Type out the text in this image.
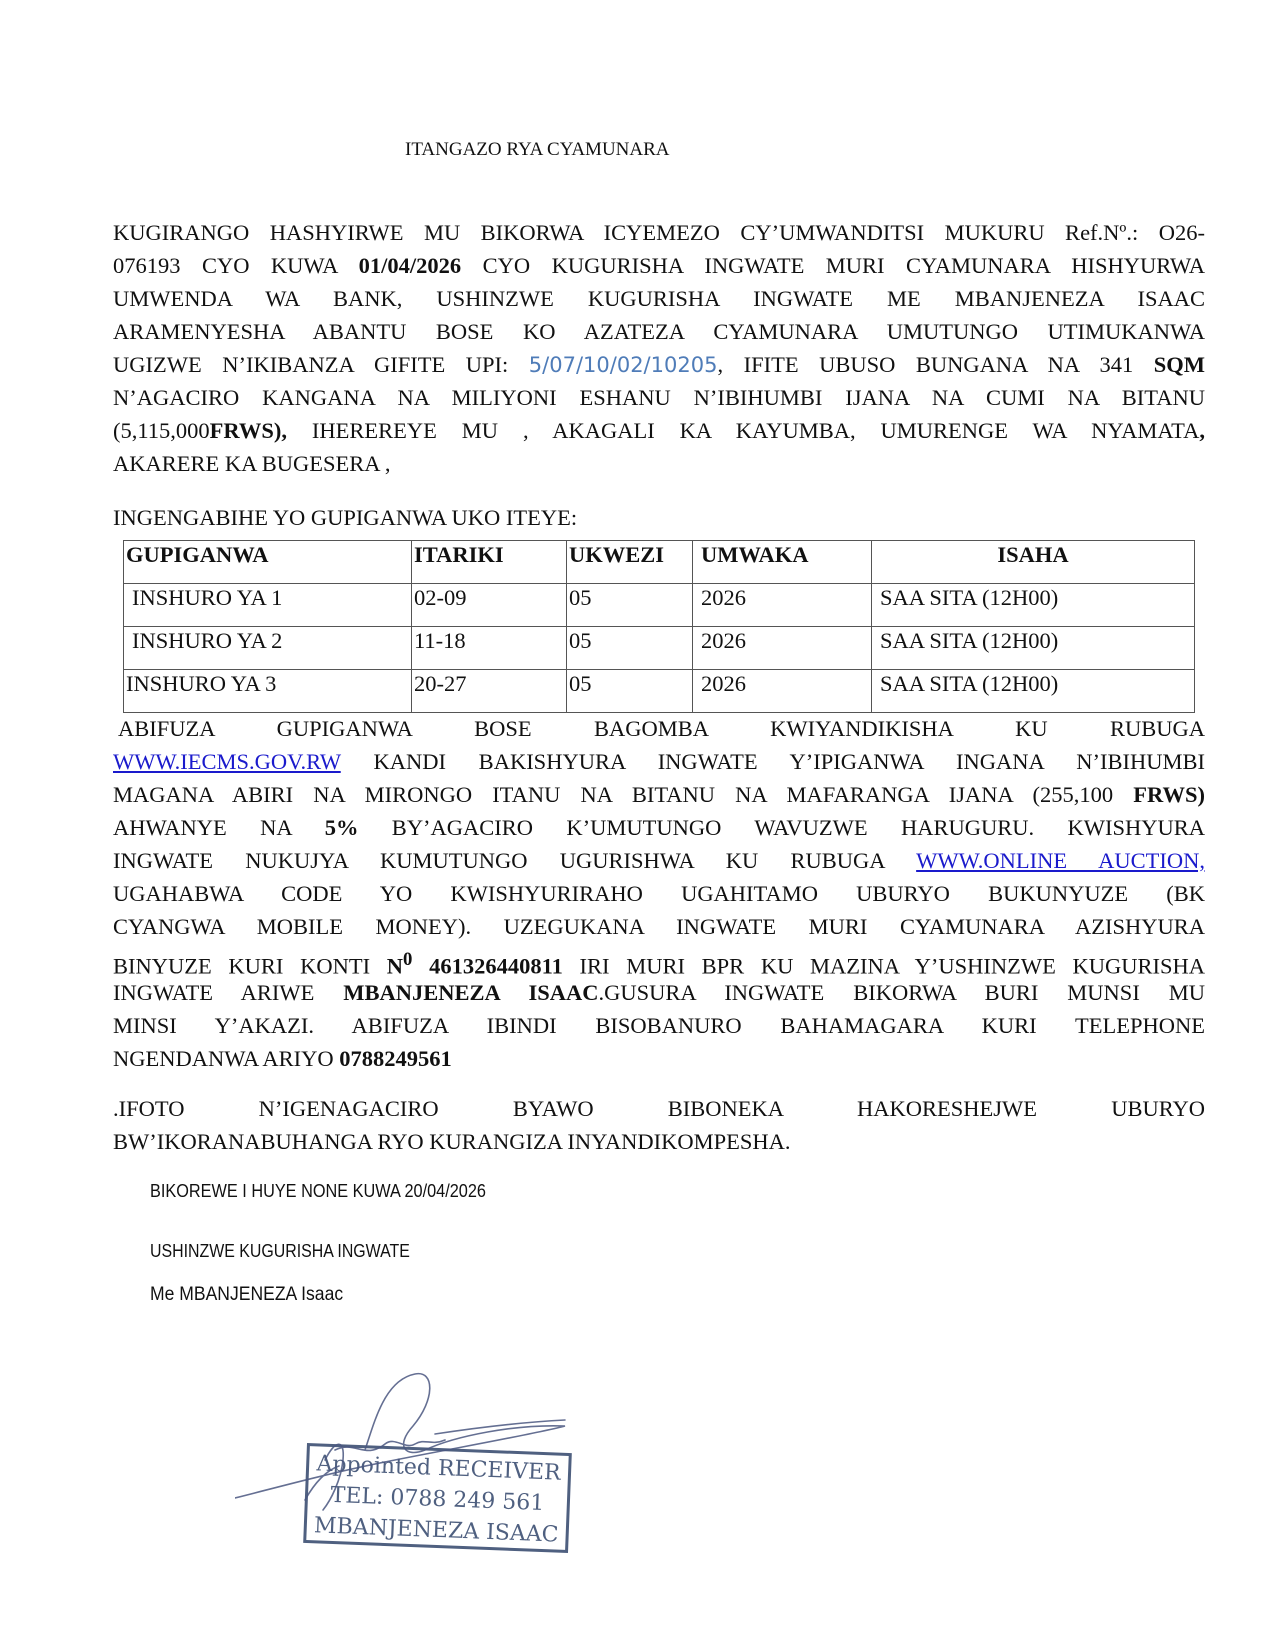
ITANGAZO RYA CYAMUNARA
KUGIRANGO HASHYIRWE MU BIKORWA ICYEMEZO CY’UMWANDITSI MUKURU Ref.Nº.: O26-
076193 CYO KUWA 01/04/2026 CYO KUGURISHA INGWATE MURI CYAMUNARA HISHYURWA
UMWENDA WA BANK, USHINZWE KUGURISHA INGWATE ME MBANJENEZA ISAAC
ARAMENYESHA ABANTU BOSE KO AZATEZA CYAMUNARA UMUTUNGO UTIMUKANWA
UGIZWE N’IKIBANZA GIFITE UPI: 5/07/10/02/10205, IFITE UBUSO BUNGANA NA 341 SQM
N’AGACIRO KANGANA NA MILIYONI ESHANU N’IBIHUMBI IJANA NA CUMI NA BITANU
(5,115,000FRWS), IHEREREYE MU , AKAGALI KA KAYUMBA, UMURENGE WA NYAMATA,
AKARERE KA BUGESERA ,
INGENGABIHE YO GUPIGANWA UKO ITEYE:
GUPIGANWA	ITARIKI	UKWEZI	UMWAKA	ISAHA
INSHURO YA 1	02-09	05	2026	SAA SITA (12H00)
INSHURO YA 2	11-18	05	2026	SAA SITA (12H00)
INSHURO YA 3	20-27	05	2026	SAA SITA (12H00)
ABIFUZA GUPIGANWA BOSE BAGOMBA KWIYANDIKISHA KU RUBUGA
WWW.IECMS.GOV.RW KANDI BAKISHYURA INGWATE Y’IPIGANWA INGANA N’IBIHUMBI
MAGANA ABIRI NA MIRONGO ITANU NA BITANU NA MAFARANGA IJANA (255,100 FRWS)
AHWANYE NA 5% BY’AGACIRO K’UMUTUNGO WAVUZWE HARUGURU. KWISHYURA
INGWATE NUKUJYA KUMUTUNGO UGURISHWA KU RUBUGA WWW.ONLINE AUCTION,
UGAHABWA CODE YO KWISHYURIRAHO UGAHITAMO UBURYO BUKUNYUZE (BK
CYANGWA MOBILE MONEY). UZEGUKANA INGWATE MURI CYAMUNARA AZISHYURA
BINYUZE KURI KONTI $N^0$ 461326440811 IRI MURI BPR KU MAZINA Y’USHINZWE KUGURISHA
INGWATE ARIWE MBANJENEZA ISAAC.GUSURA INGWATE BIKORWA BURI MUNSI MU
MINSI Y’AKAZI. ABIFUZA IBINDI BISOBANURO BAHAMAGARA KURI TELEPHONE
NGENDANWA ARIYO 0788249561
.IFOTO N’IGENAGACIRO BYAWO BIBONEKA HAKORESHEJWE UBURYO
BW’IKORANABUHANGA RYO KURANGIZA INYANDIKOMPESHA.
BIKOREWE I HUYE NONE KUWA 20/04/2026
USHINZWE KUGURISHA INGWATE
Me MBANJENEZA Isaac
Appointed RECEIVER
TEL: 0788 249 561
MBANJENEZA ISAAC
